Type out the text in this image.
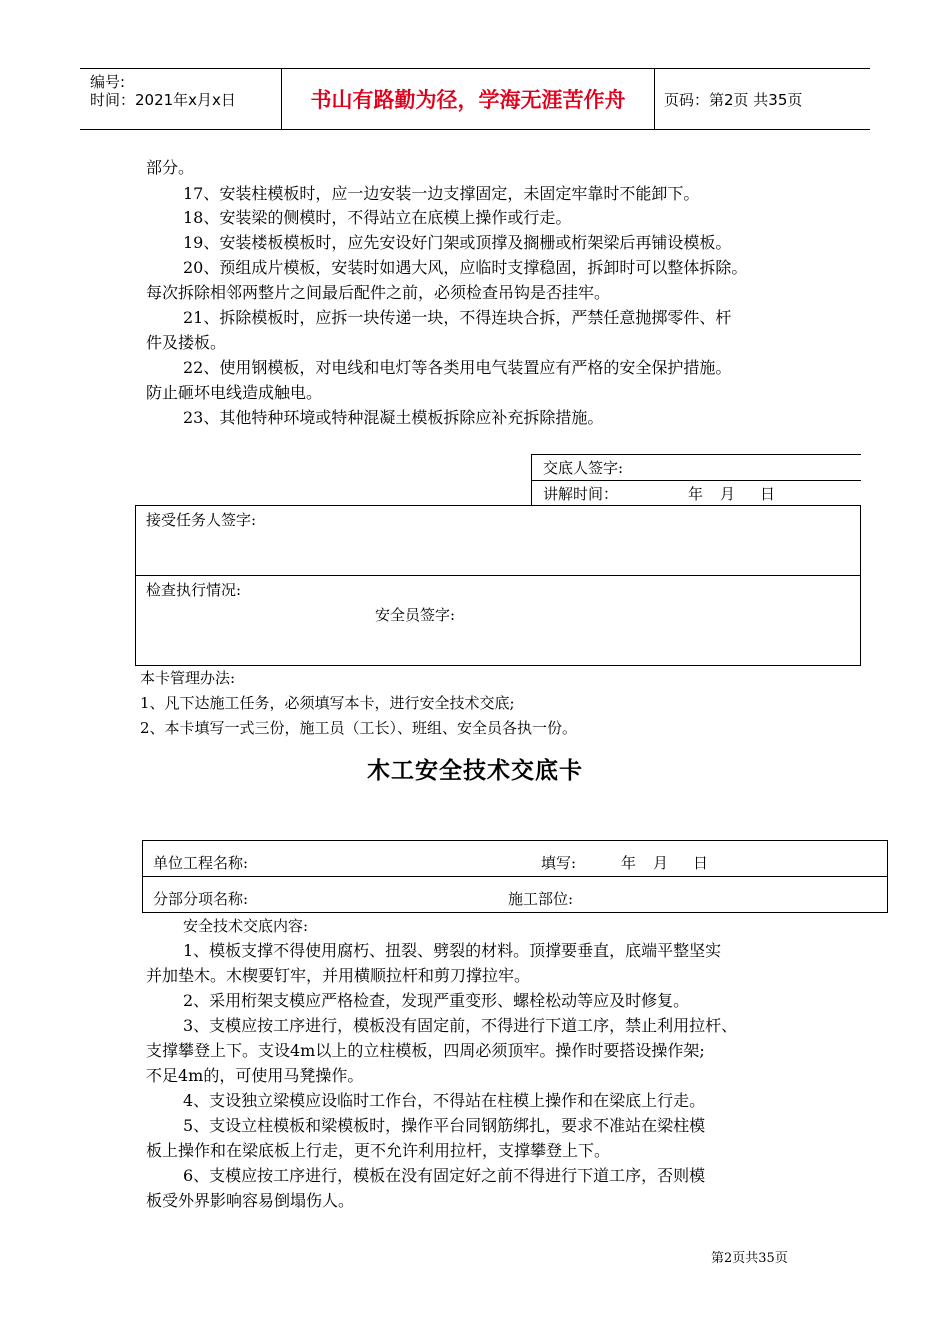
编号:
时间：2021年x月x日	书山有路勤为径，学海无涯苦作舟	页码：第2页 共35页
部分。
17、安装柱模板时，应一边安装一边支撑固定，未固定牢靠时不能卸下。
18、安装梁的侧模时，不得站立在底模上操作或行走。
19、安装楼板模板时，应先安设好门架或顶撑及搁栅或桁架梁后再铺设模板。
20、预组成片模板，安装时如遇大风，应临时支撑稳固，拆卸时可以整体拆除。
每次拆除相邻两整片之间最后配件之前，必须检查吊钩是否挂牢。
21、拆除模板时，应拆一块传递一块，不得连块合拆，严禁任意抛掷零件、杆
件及搂板。
22、使用钢模板，对电线和电灯等各类用电气装置应有严格的安全保护措施。
防止砸坏电线造成触电。
23、其他特种环境或特种混凝土模板拆除应补充拆除措施。
交底人签字:
讲解时间：	年 月 日
接受任务人签字:
检查执行情况:
安全员签字:
本卡管理办法:
1、凡下达施工任务，必须填写本卡，进行安全技术交底;
2、本卡填写一式三份，施工员（工长）、班组、安全员各执一份。
木工安全技术交底卡
单位工程名称:	填写:	年 月 日
分部分项名称:	施工部位:
安全技术交底内容:
1、模板支撑不得使用腐朽、扭裂、劈裂的材料。顶撑要垂直，底端平整坚实
并加垫木。木楔要钉牢，并用横顺拉杆和剪刀撑拉牢。
2、采用桁架支模应严格检查，发现严重变形、螺栓松动等应及时修复。
3、支模应按工序进行，模板没有固定前，不得进行下道工序，禁止利用拉杆、
支撑攀登上下。支设4m以上的立柱模板，四周必须顶牢。操作时要搭设操作架;
不足4m的，可使用马凳操作。
4、支设独立梁模应设临时工作台，不得站在柱模上操作和在梁底上行走。
5、支设立柱模板和梁模板时，操作平台同钢筋绑扎，要求不准站在梁柱模
板上操作和在梁底板上行走，更不允许利用拉杆，支撑攀登上下。
6、支模应按工序进行，模板在没有固定好之前不得进行下道工序，否则模
板受外界影响容易倒塌伤人。
第2页共35页
